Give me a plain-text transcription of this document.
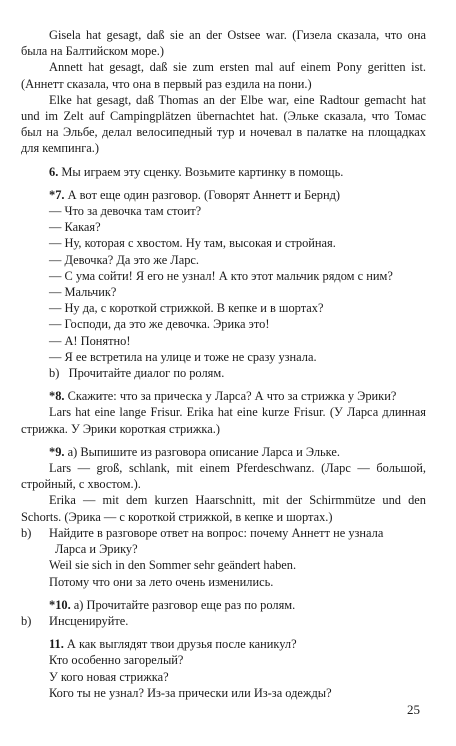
Gisela hat gesagt, daß sie an der Ostsee war. (Гизела сказала, что она была на Балтийском море.)

Annett hat gesagt, daß sie zum ersten mal auf einem Pony geritten ist. (Аннетт сказала, что она в первый раз ездила на пони.)

Elke hat gesagt, daß Thomas an der Elbe war, eine Radtour gemacht hat und im Zelt auf Campingplätzen übernachtet hat. (Эльке сказала, что Томас был на Эльбе, делал велосипедный тур и ночевал в палатке на площадках для кемпинга.)

6. Мы играем эту сценку. Возьмите картинку в помощь.

*7. А вот еще один разговор. (Говорят Аннетт и Бернд)

— Что за девочка там стоит?

— Какая?

— Ну, которая с хвостом. Ну там, высокая и стройная.

— Девочка? Да это же Ларс.

— С ума сойти! Я его не узнал! А кто этот мальчик рядом с ним?

— Мальчик?

— Ну да, с короткой стрижкой. В кепке и в шортах?

— Господи, да это же девочка. Эрика это!

— А! Понятно!

— Я ее встретила на улице и тоже не сразу узнала.

b) Прочитайте диалог по ролям.

*8. Скажите: что за прическа у Ларса? А что за стрижка у Эрики?

Lars hat eine lange Frisur. Erika hat eine kurze Frisur. (У Ларса длинная стрижка. У Эрики короткая стрижка.)

*9. а) Выпишите из разговора описание Ларса и Эльке.

Lars — groß, schlank, mit einem Pferdeschwanz. (Ларс — большой, стройный, с хвостом.).

Erika — mit dem kurzen Haarschnitt, mit der Schirmmütze und den Schorts. (Эрика — с короткой стрижкой, в кепке и шортах.)

b) Найдите в разговоре ответ на вопрос: почему Аннетт не узнала

Ларса и Эрику?

Weil sie sich in den Sommer sehr geändert haben.

Потому что они за лето очень изменились.

*10. а) Прочитайте разговор еще раз по ролям.

b) Инсценируйте.

11. А как выглядят твои друзья после каникул?

Кто особенно загорелый?

У кого новая стрижка?

Кого ты не узнал? Из-за прически или Из-за одежды?

25
